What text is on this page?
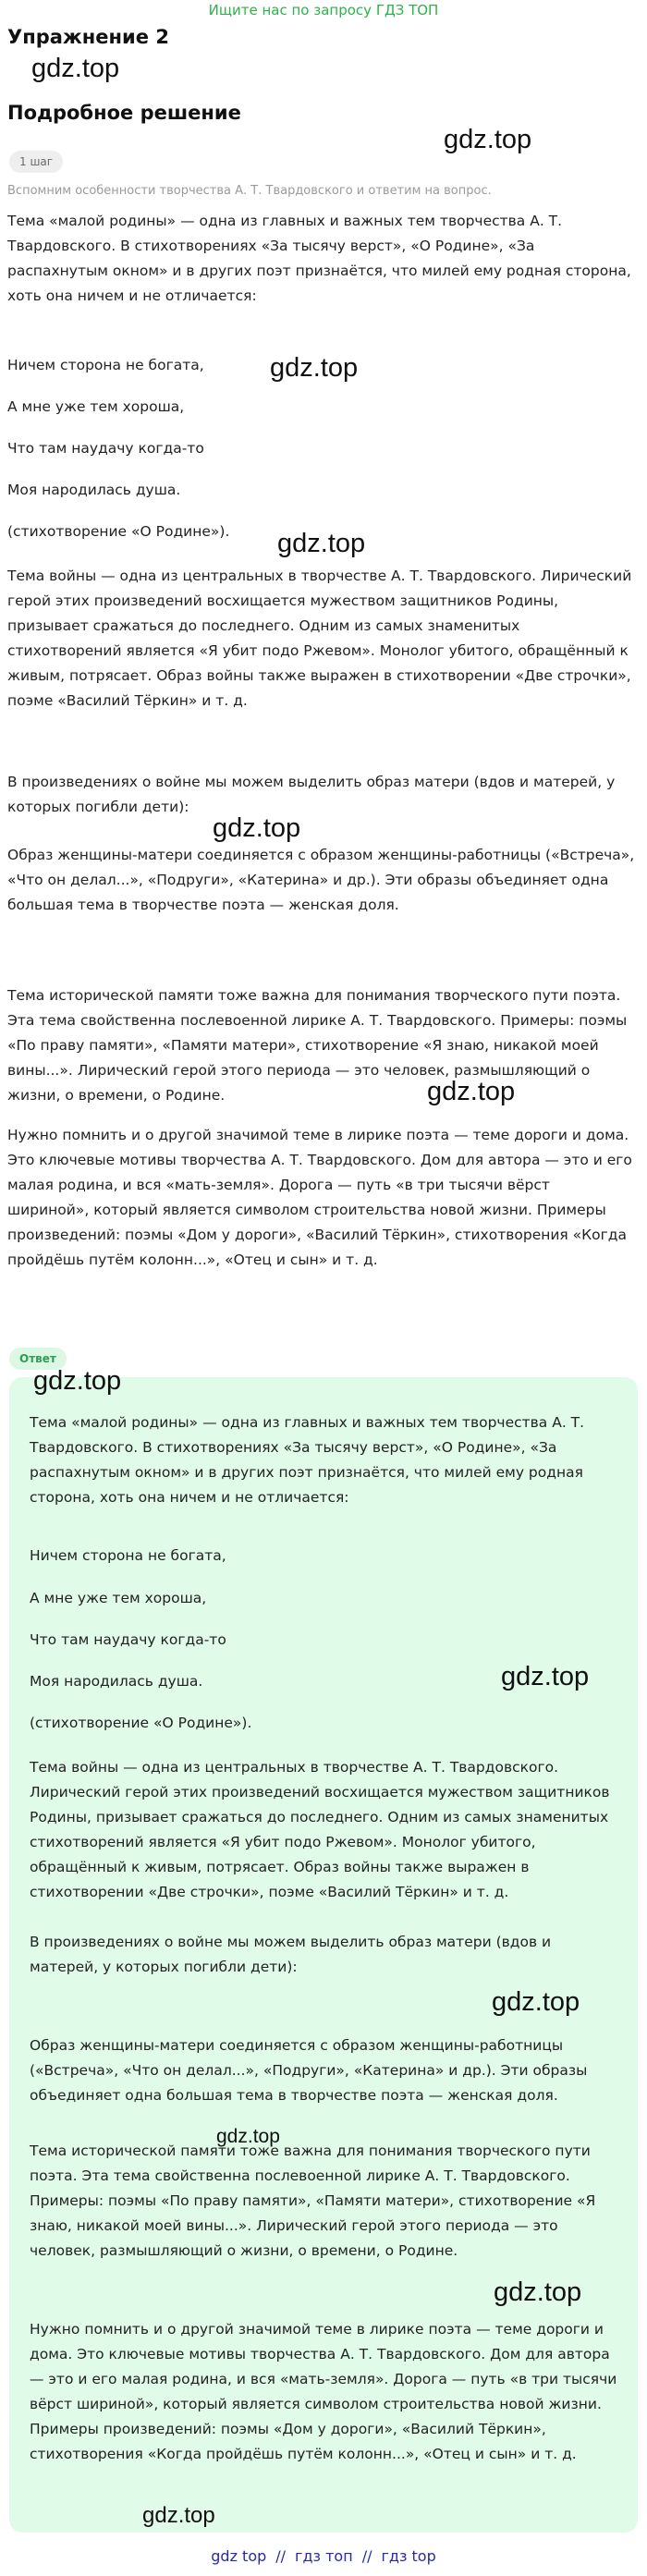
Ищите нас по запросу ГДЗ ТОП
Упражнение 2
gdz.top
Подробное решение
gdz.top
1 шаг

Вспомним особенности творчества А. Т. Твардовского и ответим на вопрос.

Тема «малой родины» — одна из главных и важных тем творчества А. Т. Твардовского. В стихотворениях «За тысячу верст», «О Родине», «За распахнутым окном» и в других поэт признаётся, что милей ему родная сторона, хоть она ничем и не отличается:

Ничем сторона не богата,	gdz.top

А мне уже тем хороша,

Что там наудачу когда-то

Моя народилась душа.

(стихотворение «О Родине»).	gdz.top

Тема войны — одна из центральных в творчестве А. Т. Твардовского. Лирический герой этих произведений восхищается мужеством защитников Родины, призывает сражаться до последнего. Одним из самых знаменитых стихотворений является «Я убит подо Ржевом». Монолог убитого, обращённый к живым, потрясает. Образ войны также выражен в стихотворении «Две строчки», поэме «Василий Тёркин» и т. д.

В произведениях о войне мы можем выделить образ матери (вдов и матерей, у которых погибли дети):

gdz.top

Образ женщины-матери соединяется с образом женщины-работницы («Встреча», «Что он делал...», «Подруги», «Катерина» и др.). Эти образы объединяет одна большая тема в творчестве поэта — женская доля.

Тема исторической памяти тоже важна для понимания творческого пути поэта. Эта тема свойственна послевоенной лирике А. Т. Твардовского. Примеры: поэмы «По праву памяти», «Памяти матери», стихотворение «Я знаю, никакой моей вины...». Лирический герой этого периода — это человек, размышляющий о жизни, о времени, о Родине.	gdz.top

Нужно помнить и о другой значимой теме в лирике поэта — теме дороги и дома. Это ключевые мотивы творчества А. Т. Твардовского. Дом для автора — это и его малая родина, и вся «мать-земля». Дорога — путь «в три тысячи вёрст шириной», который является символом строительства новой жизни. Примеры произведений: поэмы «Дом у дороги», «Василий Тёркин», стихотворения «Когда пройдёшь путём колонн...», «Отец и сын» и т. д.

Ответ
gdz.top

Тема «малой родины» — одна из главных и важных тем творчества А. Т. Твардовского. В стихотворениях «За тысячу верст», «О Родине», «За распахнутым окном» и в других поэт признаётся, что милей ему родная сторона, хоть она ничем и не отличается:

Ничем сторона не богата,

А мне уже тем хороша,

Что там наудачу когда-то

Моя народилась душа.	gdz.top

(стихотворение «О Родине»).

Тема войны — одна из центральных в творчестве А. Т. Твардовского. Лирический герой этих произведений восхищается мужеством защитников Родины, призывает сражаться до последнего. Одним из самых знаменитых стихотворений является «Я убит подо Ржевом». Монолог убитого, обращённый к живым, потрясает. Образ войны также выражен в стихотворении «Две строчки», поэме «Василий Тёркин» и т. д.

В произведениях о войне мы можем выделить образ матери (вдов и матерей, у которых погибли дети):

gdz.top

Образ женщины-матери соединяется с образом женщины-работницы («Встреча», «Что он делал...», «Подруги», «Катерина» и др.). Эти образы объединяет одна большая тема в творчестве поэта — женская доля.

gdz.top

Тема исторической памяти тоже важна для понимания творческого пути поэта. Эта тема свойственна послевоенной лирике А. Т. Твардовского. Примеры: поэмы «По праву памяти», «Памяти матери», стихотворение «Я знаю, никакой моей вины...». Лирический герой этого периода — это человек, размышляющий о жизни, о времени, о Родине.

gdz.top

Нужно помнить и о другой значимой теме в лирике поэта — теме дороги и дома. Это ключевые мотивы творчества А. Т. Твардовского. Дом для автора — это и его малая родина, и вся «мать-земля». Дорога — путь «в три тысячи вёрст шириной», который является символом строительства новой жизни. Примеры произведений: поэмы «Дом у дороги», «Василий Тёркин», стихотворения «Когда пройдёшь путём колонн...», «Отец и сын» и т. д.

gdz.top
gdz top // гдз топ // гдз top
